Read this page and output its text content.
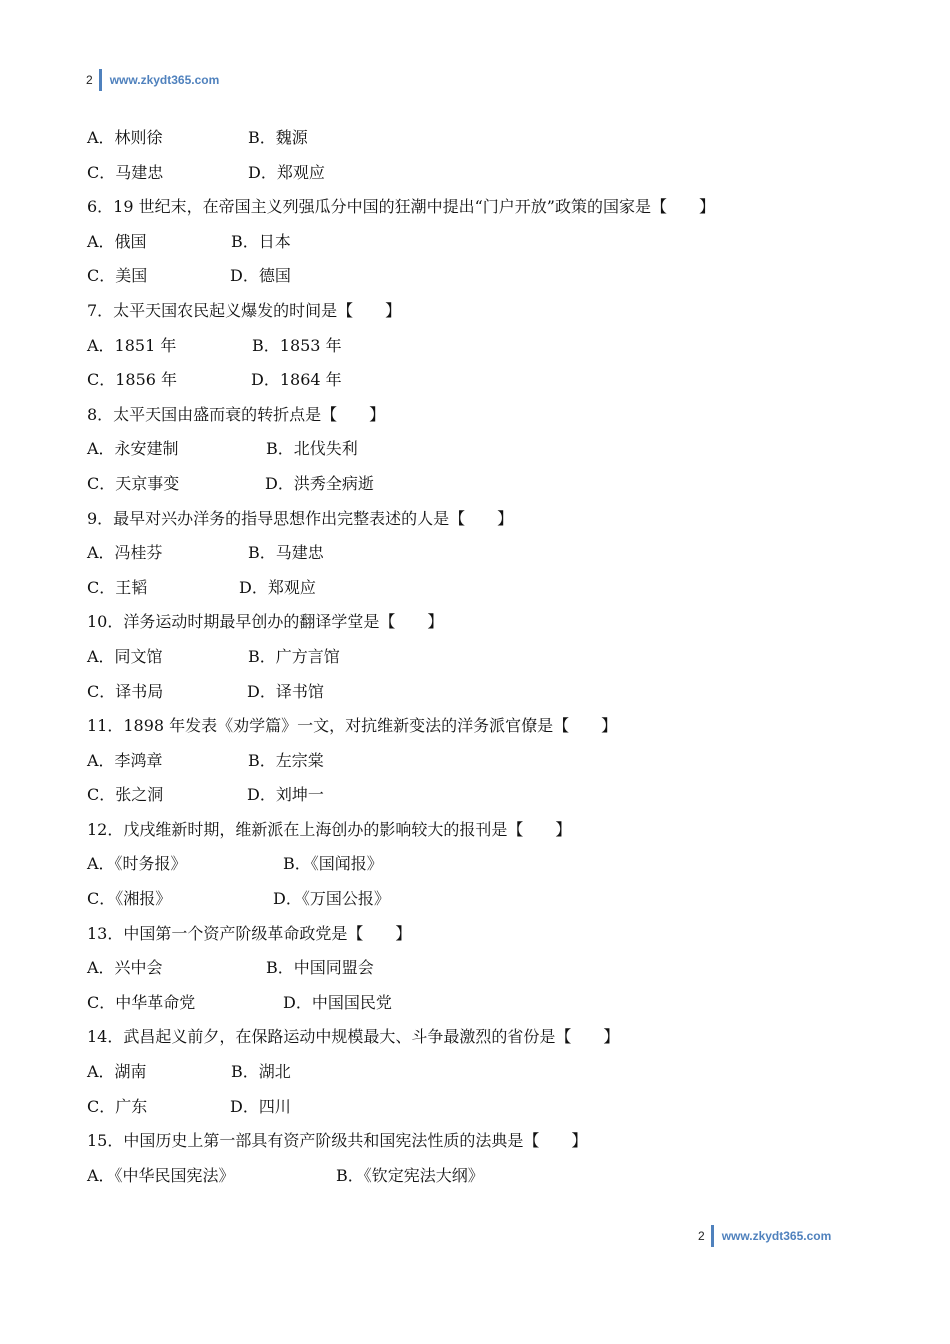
2 www.zkydt365.com
A．林则徐	B．魏源
C．马建忠	D．郑观应
6．19 世纪末，在帝国主义列强瓜分中国的狂潮中提出“门户开放”政策的国家是【　　】
A．俄国	B．日本
C．美国	D．德国
7．太平天国农民起义爆发的时间是【　　】
A．1851 年	B．1853 年
C．1856 年	D．1864 年
8．太平天国由盛而衰的转折点是【　　】
A．永安建制	B．北伐失利
C．天京事变	D．洪秀全病逝
9．最早对兴办洋务的指导思想作出完整表述的人是【　　】
A．冯桂芬	B．马建忠
C．王韬	D．郑观应
10．洋务运动时期最早创办的翻译学堂是【　　】
A．同文馆	B．广方言馆
C．译书局	D．译书馆
11．1898 年发表《劝学篇》一文，对抗维新变法的洋务派官僚是【　　】
A．李鸿章	B．左宗棠
C．张之洞	D．刘坤一
12．戊戌维新时期，维新派在上海创办的影响较大的报刊是【　　】
A．《时务报》	B．《国闻报》
C．《湘报》	D．《万国公报》
13．中国第一个资产阶级革命政党是【　　】
A．兴中会	B．中国同盟会
C．中华革命党	D．中国国民党
14．武昌起义前夕，在保路运动中规模最大、斗争最激烈的省份是【　　】
A．湖南	B．湖北
C．广东	D．四川
15．中国历史上第一部具有资产阶级共和国宪法性质的法典是【　　】
A．《中华民国宪法》	B．《钦定宪法大纲》
2 www.zkydt365.com
